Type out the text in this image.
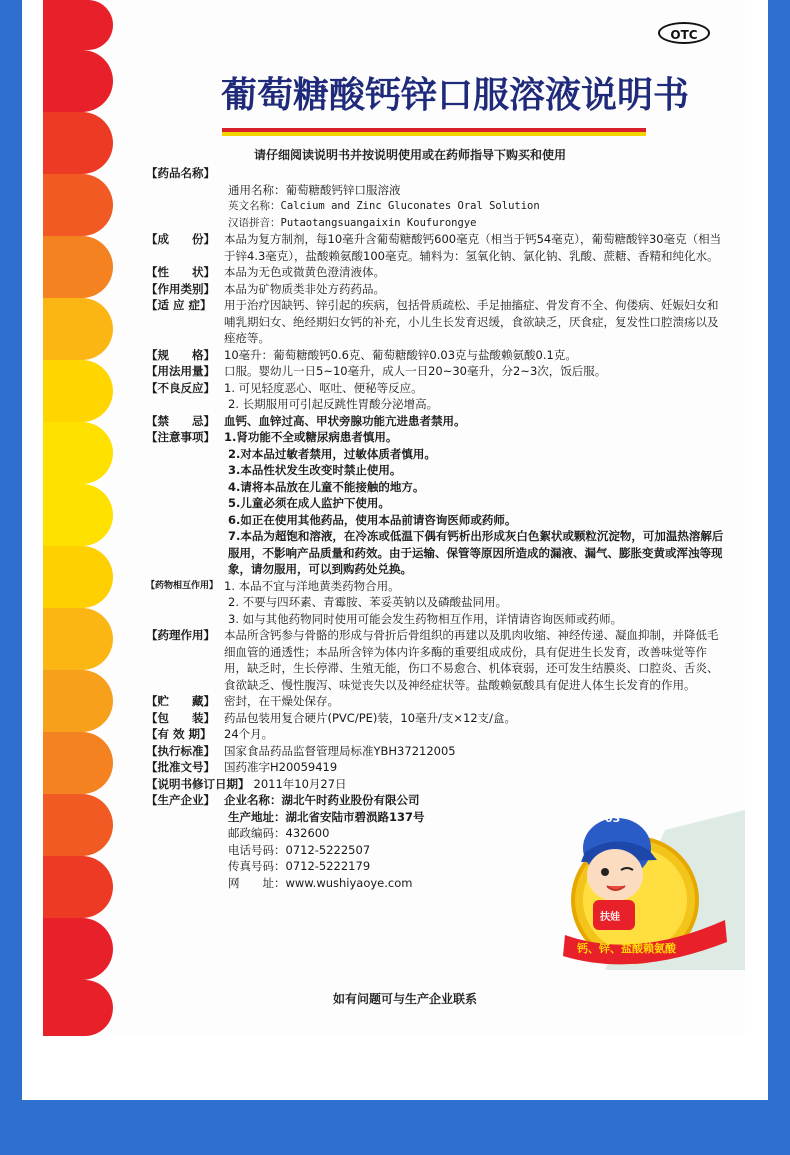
OTC
葡萄糖酸钙锌口服溶液说明书
请仔细阅读说明书并按说明使用或在药师指导下购买和使用
【药品名称】
通用名称：葡萄糖酸钙锌口服溶液
英文名称：Calcium and Zinc Gluconates Oral Solution
汉语拼音：Putaotangsuangaixin Koufurongye
【成　　份】 本品为复方制剂，每10毫升含葡萄糖酸钙600毫克（相当于钙54毫克），葡萄糖酸锌30毫克（相当于锌4.3毫克），盐酸赖氨酸100毫克。辅料为：氢氧化钠、氯化钠、乳酸、蔗糖、香精和纯化水。
【性　　状】 本品为无色或微黄色澄清液体。
【作用类别】 本品为矿物质类非处方药药品。
【适 应 症】	用于治疗因缺钙、锌引起的疾病，包括骨质疏松、手足抽搐症、骨发育不全、佝偻病、妊娠妇女和哺乳期妇女、绝经期妇女钙的补充，小儿生长发育迟缓，食欲缺乏，厌食症，复发性口腔溃疡以及痤疮等。
【规　　格】 10毫升：葡萄糖酸钙0.6克、葡萄糖酸锌0.03克与盐酸赖氨酸0.1克。
【用法用量】 口服。婴幼儿一日5~10毫升，成人一日20~30毫升，分2~3次，饭后服。
【不良反应】 1. 可见轻度恶心、呕吐、便秘等反应。
2. 长期服用可引起反跳性胃酸分泌增高。
【禁　　忌】 血钙、血锌过高、甲状旁腺功能亢进患者禁用。
【注意事项】 1.肾功能不全或糖尿病患者慎用。
2.对本品过敏者禁用，过敏体质者慎用。
3.本品性状发生改变时禁止使用。
4.请将本品放在儿童不能接触的地方。
5.儿童必须在成人监护下使用。
6.如正在使用其他药品，使用本品前请咨询医师或药师。
7.本品为超饱和溶液，在冷冻或低温下偶有钙析出形成灰白色絮状或颗粒沉淀物，可加温热溶解后服用，不影响产品质量和药效。由于运输、保管等原因所造成的漏液、漏气、膨胀变黄或浑浊等现象，请勿服用，可以到购药处兑换。
【药物相互作用】 1. 本品不宜与洋地黄类药物合用。
2. 不要与四环素、青霉胺、苯妥英钠以及磷酸盐同用。
3. 如与其他药物同时使用可能会发生药物相互作用，详情请咨询医师或药师。
【药理作用】 本品所含钙参与骨骼的形成与骨折后骨组织的再建以及肌肉收缩、神经传递、凝血抑制，并降低毛细血管的通透性；本品所含锌为体内许多酶的重要组成成份，具有促进生长发育，改善味觉等作用，缺乏时，生长停滞、生殖无能，伤口不易愈合、机体衰弱，还可发生结膜炎、口腔炎、舌炎、食欲缺乏、慢性腹泻、味觉丧失以及神经症状等。盐酸赖氨酸具有促进人体生长发育的作用。
【贮　　藏】 密封，在干燥处保存。
【包　　装】 药品包装用复合硬片(PVC/PE)装，10毫升/支×12支/盒。
【有 效 期】	24个月。
【执行标准】 国家食品药品监督管理局标准YBH37212005
【批准文号】 国药准字H20059419
【说明书修订日期】 2011年10月27日
【生产企业】 企业名称：湖北午时药业股份有限公司
生产地址：湖北省安陆市碧涢路137号
邮政编码：432600
电话号码：0712-5222507
传真号码：0712-5222179
网　　址：www.wushiyaoye.com
如有问题可与生产企业联系
03
扶娃
钙、锌、盐酸赖氨酸
